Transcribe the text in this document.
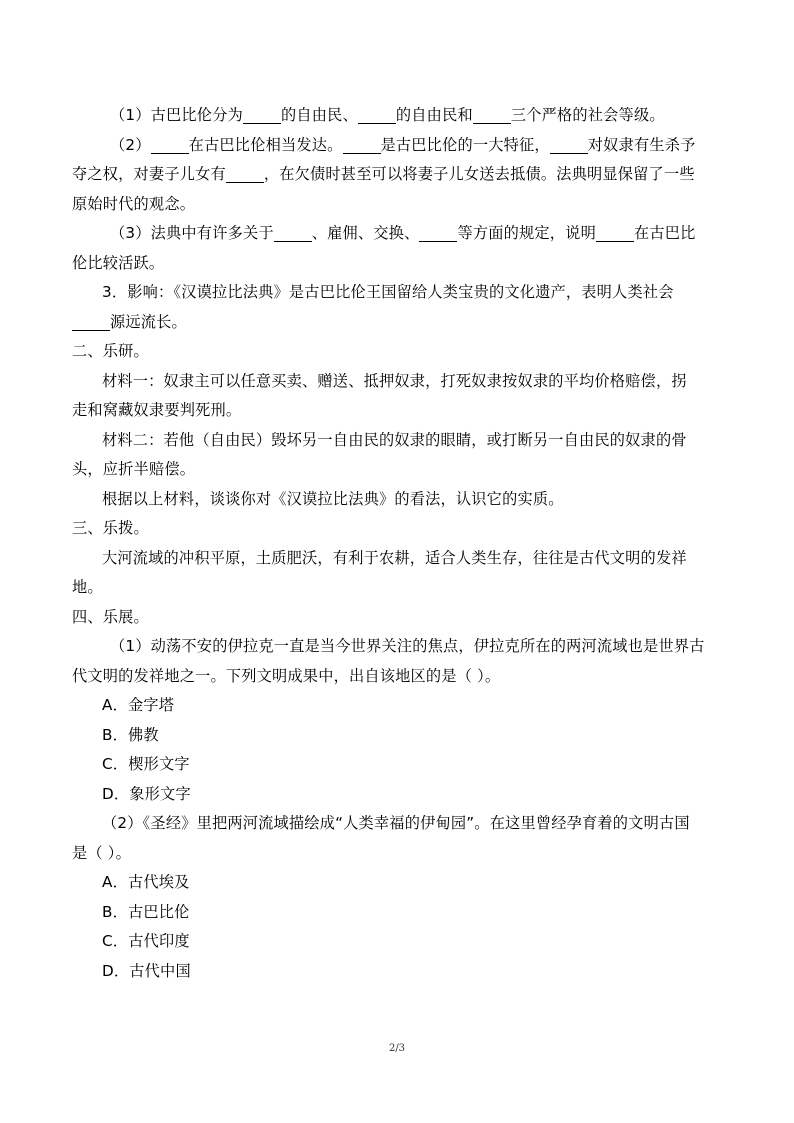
（1）古巴比伦分为	的自由民、	的自由民和	三个严格的社会等级。

（2）	在古巴比伦相当发达。	是古巴比伦的一大特征，	对奴隶有生杀予

夺之权，对妻子儿女有	，在欠债时甚至可以将妻子儿女送去抵债。法典明显保留了一些

原始时代的观念。

（3）法典中有许多关于	、雇佣、交换、	等方面的规定，说明	在古巴比

伦比较活跃。

3．影响：《汉谟拉比法典》是古巴比伦王国留给人类宝贵的文化遗产，表明人类社会

源远流长。

二、乐研。

材料一：奴隶主可以任意买卖、赠送、抵押奴隶，打死奴隶按奴隶的平均价格赔偿，拐

走和窝藏奴隶要判死刑。

材料二：若他（自由民）毁坏另一自由民的奴隶的眼睛，或打断另一自由民的奴隶的骨

头，应折半赔偿。

根据以上材料，谈谈你对《汉谟拉比法典》的看法，认识它的实质。

三、乐拨。

大河流域的冲积平原，土质肥沃，有利于农耕，适合人类生存，往往是古代文明的发祥

地。

四、乐展。

（1）动荡不安的伊拉克一直是当今世界关注的焦点，伊拉克所在的两河流域也是世界古

代文明的发祥地之一。下列文明成果中，出自该地区的是（ ）。

A．金字塔

B．佛教

C．楔形文字

D．象形文字

（2）《圣经》里把两河流域描绘成“人类幸福的伊甸园”。在这里曾经孕育着的文明古国

是（ ）。

A．古代埃及

B．古巴比伦

C．古代印度

D．古代中国

2/3
